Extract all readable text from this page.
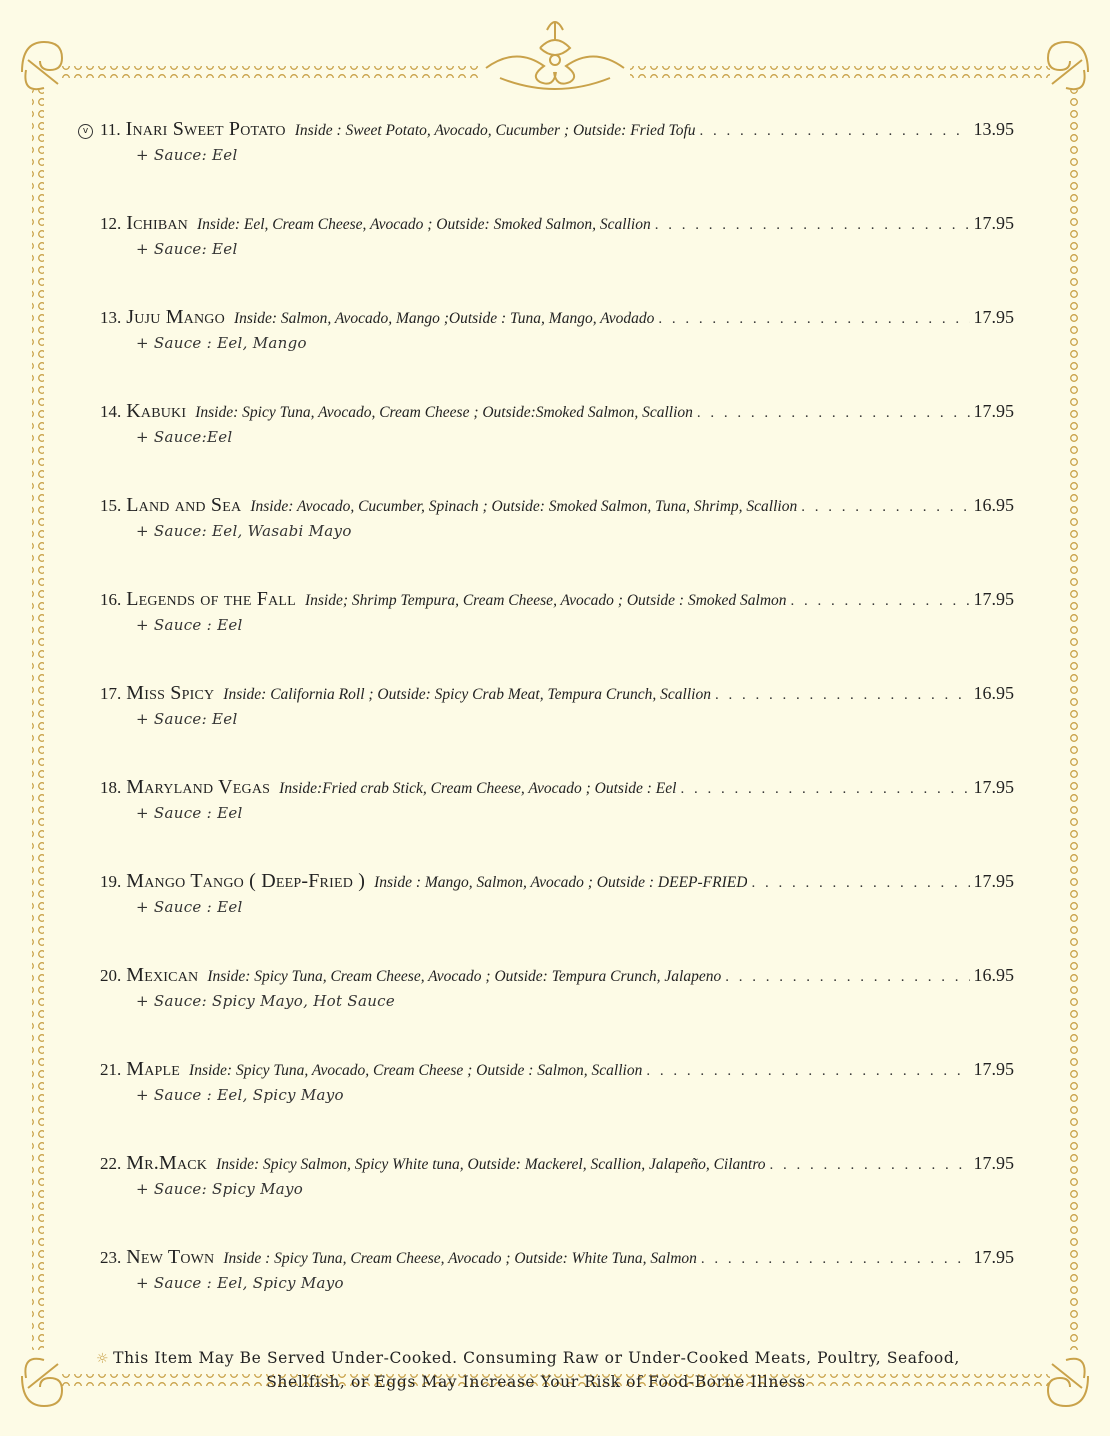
v 11. Inari Sweet Potato Inside : Sweet Potato, Avocado, Cucumber ; Outside: Fried Tofu . . .	13.95
+ Sauce: Eel
12. Ichiban Inside: Eel, Cream Cheese, Avocado ; Outside: Smoked Salmon, Scallion . . .	17.95
+ Sauce: Eel
13. Juju Mango Inside: Salmon, Avocado, Mango ;Outside : Tuna, Mango, Avodado . . .	17.95
+ Sauce : Eel, Mango
14. Kabuki Inside: Spicy Tuna, Avocado, Cream Cheese ; Outside:Smoked Salmon, Scallion . . .	17.95
+ Sauce:Eel
15. Land and Sea Inside: Avocado, Cucumber, Spinach ; Outside: Smoked Salmon, Tuna, Shrimp, Scallion . . .	16.95
+ Sauce: Eel, Wasabi Mayo
16. Legends of the Fall Inside; Shrimp Tempura, Cream Cheese, Avocado ; Outside : Smoked Salmon . . .	17.95
+ Sauce : Eel
17. Miss Spicy Inside: California Roll ; Outside: Spicy Crab Meat, Tempura Crunch, Scallion . . .	16.95
+ Sauce: Eel
18. Maryland Vegas Inside:Fried crab Stick, Cream Cheese, Avocado ; Outside : Eel . . .	17.95
+ Sauce : Eel
19. Mango Tango ( Deep-Fried ) Inside : Mango, Salmon, Avocado ; Outside : DEEP-FRIED . . .	17.95
+ Sauce : Eel
20. Mexican Inside: Spicy Tuna, Cream Cheese, Avocado ; Outside: Tempura Crunch, Jalapeno . . .	16.95
+ Sauce: Spicy Mayo, Hot Sauce
21. Maple Inside: Spicy Tuna, Avocado, Cream Cheese ; Outside : Salmon, Scallion . . .	17.95
+ Sauce : Eel, Spicy Mayo
22. Mr.Mack Inside: Spicy Salmon, Spicy White tuna, Outside: Mackerel, Scallion, Jalapeño, Cilantro . . .	17.95
+ Sauce: Spicy Mayo
23. New Town Inside : Spicy Tuna, Cream Cheese, Avocado ; Outside: White Tuna, Salmon . . .	17.95
+ Sauce : Eel, Spicy Mayo
☼ This Item May Be Served Under-Cooked. Consuming Raw or Under-Cooked Meats, Poultry, Seafood,
Shellfish, or Eggs May Increase Your Risk of Food-Borne Illness
